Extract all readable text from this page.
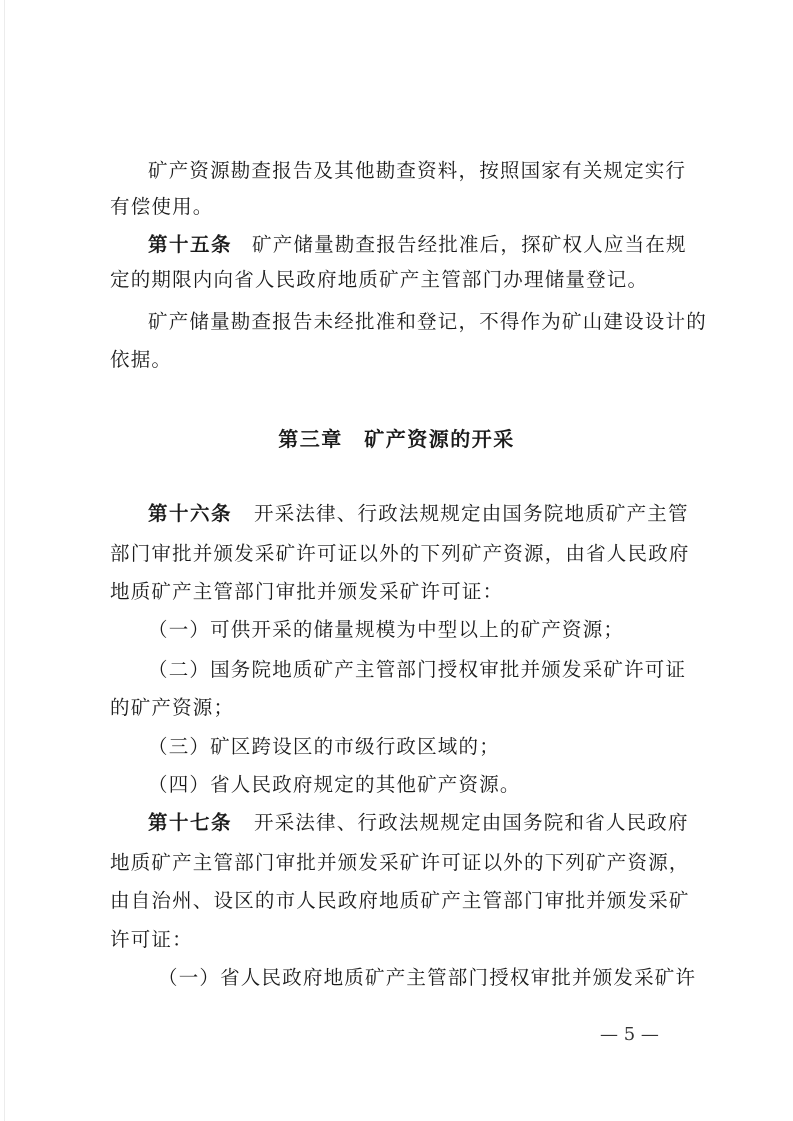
矿产资源勘查报告及其他勘查资料，按照国家有关规定实行
有偿使用。
第十五条 矿产储量勘查报告经批准后，探矿权人应当在规
定的期限内向省人民政府地质矿产主管部门办理储量登记。
矿产储量勘查报告未经批准和登记，不得作为矿山建设设计的
依据。
第三章　矿产资源的开采
第十六条 开采法律、行政法规规定由国务院地质矿产主管
部门审批并颁发采矿许可证以外的下列矿产资源，由省人民政府
地质矿产主管部门审批并颁发采矿许可证：
（一）可供开采的储量规模为中型以上的矿产资源；
（二）国务院地质矿产主管部门授权审批并颁发采矿许可证
的矿产资源；
（三）矿区跨设区的市级行政区域的；
（四）省人民政府规定的其他矿产资源。
第十七条 开采法律、行政法规规定由国务院和省人民政府
地质矿产主管部门审批并颁发采矿许可证以外的下列矿产资源，
由自治州、设区的市人民政府地质矿产主管部门审批并颁发采矿
许可证：
（一）省人民政府地质矿产主管部门授权审批并颁发采矿许
— 5 —
